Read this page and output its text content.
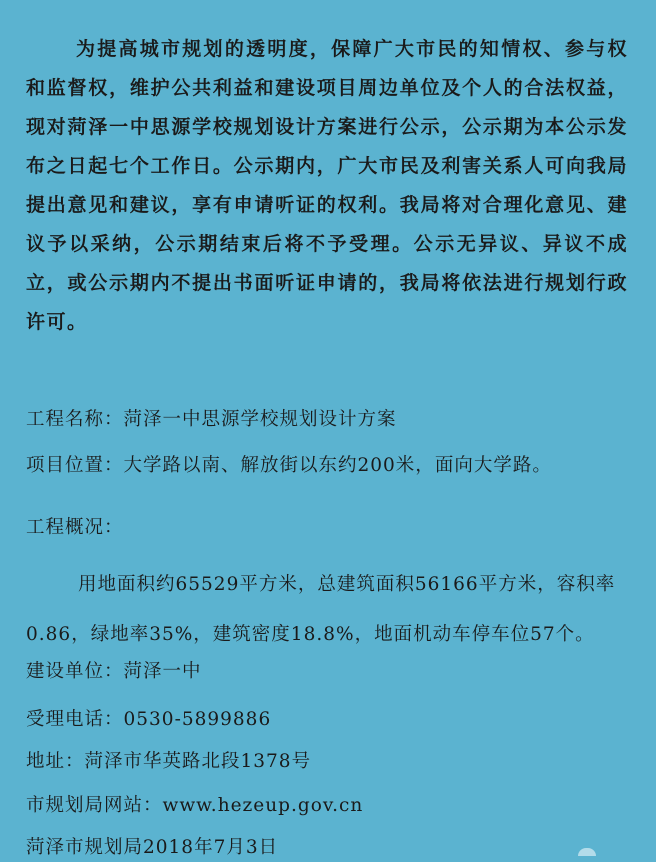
为提高城市规划的透明度，保障广大市民的知情权、参与权和监督权，维护公共利益和建设项目周边单位及个人的合法权益，现对菏泽一中思源学校规划设计方案进行公示，公示期为本公示发布之日起七个工作日。公示期内，广大市民及利害关系人可向我局提出意见和建议，享有申请听证的权利。我局将对合理化意见、建议予以采纳，公示期结束后将不予受理。公示无异议、异议不成立，或公示期内不提出书面听证申请的，我局将依法进行规划行政许可。

工程名称：菏泽一中思源学校规划设计方案
项目位置：大学路以南、解放街以东约200米，面向大学路。
工程概况：

用地面积约65529平方米，总建筑面积56166平方米，容积率0.86，绿地率35%，建筑密度18.8%，地面机动车停车位57个。

建设单位：菏泽一中
受理电话：0530-5899886
地址：菏泽市华英路北段1378号
市规划局网站：www.hezeup.gov.cn
菏泽市规划局2018年7月3日
